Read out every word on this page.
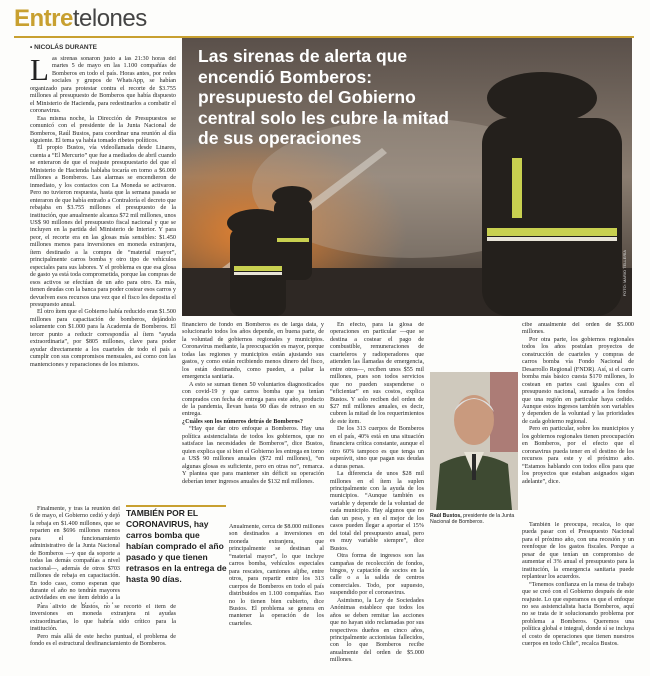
Entretelones
• NICOLÁS DURANTE	Las sirenas de alerta que encendió Bomberos: presupuesto del Gobierno central solo les cubre la mitad de sus operaciones
FOTO: MARIO TELLERÍA

Las sirenas sonaron justo a las 21:30 horas del martes 5 de mayo en las 1.100 compañías de Bomberos en todo el país. Horas antes, por redes sociales y grupos de WhatsApp, se habían organizado para protestar contra el recorte de $3.755 millones al presupuesto de Bomberos que había dispuesto el Ministerio de Hacienda, para redestinarlos a combatir el coronavirus.

Esa misma noche, la Dirección de Presupuestos se comunicó con el presidente de la Junta Nacional de Bomberos, Raúl Bustos, para coordinar una reunión al día siguiente. El tema ya había tomado ribetes políticos.

El propio Bustos, vía videollamada desde Linares, cuenta a “El Mercurio” que fue a mediados de abril cuando se enteraron de que el reajuste presupuestario del que el Ministerio de Hacienda hablaba tocaría en torno a $6.000 millones a Bomberos. Las alarmas se encendieron de inmediato, y los contactos con La Moneda se activaron. Pero no tuvieron respuesta, hasta que la semana pasada se enteraron de que había entrado a Contraloría el decreto que rebajaba en $3.755 millones el presupuesto de la institución, que anualmente alcanza $72 mil millones, unos US$ 90 millones del presupuesto fiscal nacional y que se incluyen en la partida del Ministerio de Interior. Y para peor, el recorte era en las glosas más sensibles: $1.450 millones menos para inversiones en moneda extranjera, ítem destinado a la compra de “material mayor”, principalmente carros bomba y otro tipo de vehículos especiales para sus labores. Y el problema es que esa glosa de gasto ya está toda comprometida, porque las compras de esos activos se efectúan de un año para otro. Es más, tienen deudas con la banca para poder costear esos carros y devuelven esos recursos una vez que el fisco les deposita el presupuesto anual.

El otro ítem que el Gobierno había reducido eran $1.500 millones para capacitación de bomberos, dejándolo solamente con $1.000 para la Academia de Bomberos. El tercer punto a reducir correspondía al ítem “ayuda extraordinaria”, por $805 millones, clave para poder ayudar directamente a los cuarteles de todo el país a cumplir con sus compromisos mensuales, así como con las mantenciones y reparaciones de los mismos.

Finalmente, y tras la reunión del 6 de mayo, el Gobierno cedió y dejó la rebaja en $1.400 millones, que se reparten en $696 millones menos para el funcionamiento administrativo de la Junta Nacional de Bomberos —y que da soporte a todas las demás compañías a nivel nacional—, además de otros $703 millones de rebaja en capacitación. En todo caso, como esperan que durante el año no tendrán mayores actividades en ese ítem debido a la

Para alivio de Bustos, no se recortó el ítem de inversiones en moneda extranjera ni ayudas extraordinarias, lo que habría sido crítico para la institución.

Pero más allá de este hecho puntual, el problema de fondo es el estructural desfinanciamiento de Bomberos.

TAMBIÉN POR EL CORONAVIRUS, hay carros bomba que habían comprado el año pasado y que tienen retrasos en la entrega de hasta 90 días.

financiero de fondo en Bomberos es de larga data, y solucionarlo todos los años depende, en buena parte, de la voluntad de gobiernos regionales y municipios. Coronavirus mediante, la preocupación es mayor, porque todas las regiones y municipios están ajustando sus gastos, y como están recibiendo menos dinero del fisco, los están destinando, como pueden, a paliar la emergencia sanitaria.

A esto se suman tienen 50 voluntarios diagnosticados con covid-19 y que carros bomba que ya tenían comprados con fecha de entrega para este año, producto de la pandemia, llevan hasta 90 días de retraso en su entrega.

¿Cuáles son los números detrás de Bomberos?

“Hay que dar otro enfoque a Bomberos. Hay una política asistencialista de todos los gobiernos, que no satisface las necesidades de Bomberos”, dice Bustos, quien explica que si bien el Gobierno les entrega en torno a US$ 90 millones anuales ($72 mil millones), “en algunas glosas es suficiente, pero en otras no”, remarca. Y plantea que para mantener sin déficit su operación deberían tener ingresos anuales de $132 mil millones.

Anualmente, cerca de $8.000 millones son destinados a inversiones en moneda extranjera, que principalmente se destinan al “material mayor”, lo que incluye carros bomba, vehículos especiales para rescates, camiones aljibe, entre otros, para repartir entre los 313 cuerpos de Bomberos en todo el país distribuidos en 1.100 compañías. Eso no lo tienen bien cubierto, dice Bustos. El problema se genera en mantener la operación de los cuarteles.

En efecto, para la glosa de operaciones en particular —que se destina a costear el pago de combustible, remuneraciones de cuarteleros y radioperadores que atienden las llamadas de emergencia, entre otros—, reciben unos $55 mil millones, pues son todos servicios que no pueden suspenderse o “eficientar” en sus costos, explica Bustos. Y solo reciben del orden de $27 mil millones anuales, es decir, cubren la mitad de los requerimientos de este ítem.

De los 313 cuerpos de Bomberos en el país, 40% está en una situación financiera crítica constante, aunque el otro 60% tampoco es que tenga un superávit, sino que pagan sus deudas a duras penas.

La diferencia de unos $28 mil millones en el ítem la suplen principalmente con la ayuda de los municipios. “Aunque también es variable y depende de la voluntad de cada municipio. Hay algunos que no dan un peso, y en el mejor de los casos pueden llegar a aportar el 15% del total del presupuesto anual, pero es muy variable siempre”, dice Bustos.

Otra forma de ingresos son las campañas de recolección de fondos, bingos, y captación de socios en la calle o a la salida de centros comerciales. Todo, por supuesto, suspendido por el coronavirus.

Asimismo, la Ley de Sociedades Anónimas establece que todos los años se deben remitar las acciones que no hayan sido reclamadas por sus respectivos dueños en cinco años, principalmente accionistas fallecidos, con lo que Bomberos recibe anualmente del orden de $5.000 millones.

Raúl Bustos, presidente de la Junta Nacional de Bomberos.

cibe anualmente del orden de $5.000 millones.

Por otra parte, los gobiernos regionales todos los años postulan proyectos de construcción de cuarteles y compras de carros bomba vía Fondo Nacional de Desarrollo Regional (FNDR). Así, si el carro bomba más básico cuesta $170 millones, lo costean en partes casi iguales con el presupuesto nacional, sumado a los fondos que una región en particular haya cedido. Aunque estos ingresos también son variables y dependen de la voluntad y las prioridades de cada gobierno regional.

Pero en particular, sobre los municipios y los gobiernos regionales tienen preocupación en Bomberos, por el efecto que el coronavirus pueda tener en el destino de los recursos para este y el próximo año. “Estamos hablando con todos ellos para que los proyectos que estaban asignados sigan adelante”, dice.

También le preocupa, recalca, lo que pueda pasar con el Presupuesto Nacional para el próximo año, con una recesión y un reenfoque de los gastos fiscales. Porque a pesar de que tenían un compromiso de aumentar el 3% anual el presupuesto para la institución, la emergencia sanitaria puede replantear los acuerdos.

“Tenemos confianza en la mesa de trabajo que se creó con el Gobierno después de este reajuste. Lo que esperamos es que el enfoque no sea asistencialista hacia Bomberos, aquí no se trata de ir solucionando problema por problema a Bomberos. Queremos una política global e integral, donde sí se incluya el costo de operaciones que tienen nuestros cuerpos en todo Chile”, recalca Bustos.
